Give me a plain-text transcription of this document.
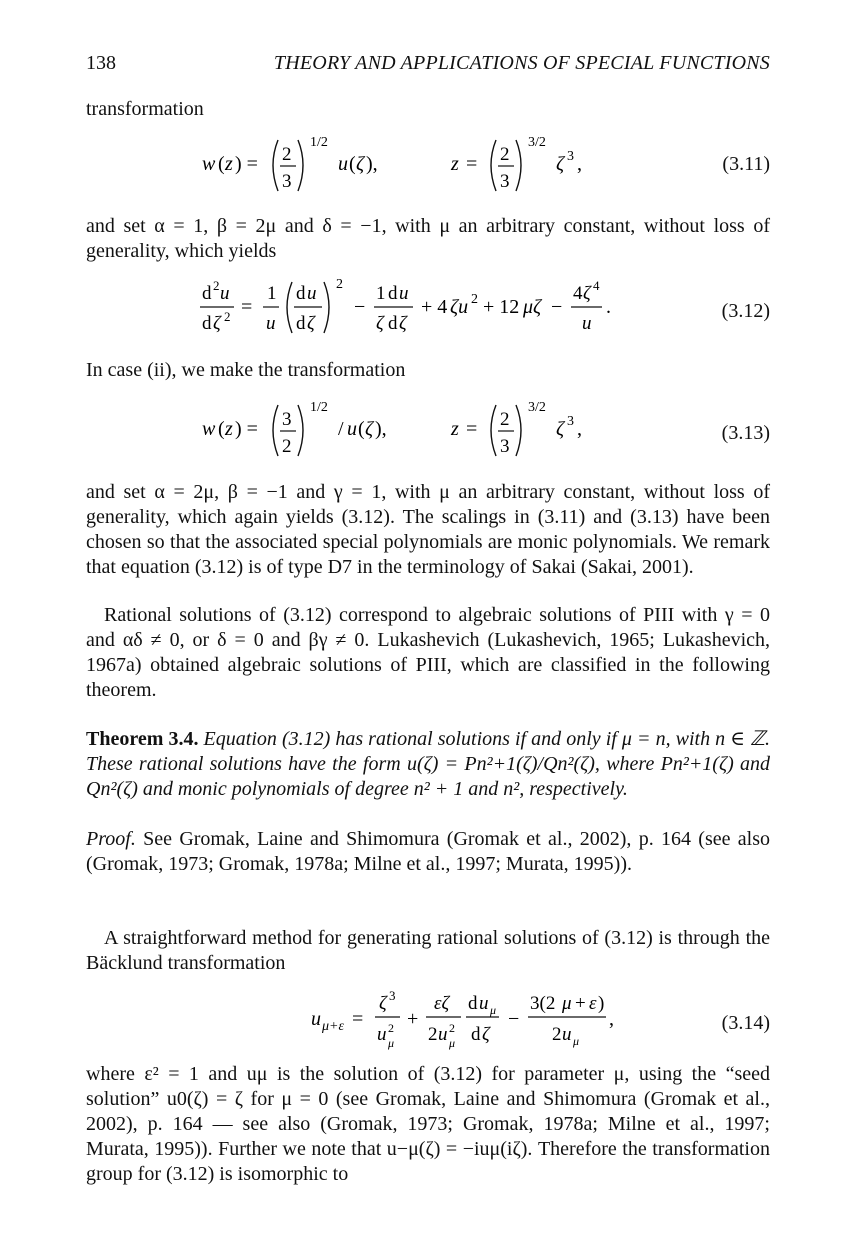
138	THEORY AND APPLICATIONS OF SPECIAL FUNCTIONS

transformation

w ( z ) = 2
3
1/2
u ( ζ ),	z = 2
3
3/2
ζ 3 ,	(3.11)

and set α = 1, β = 2μ and δ = −1, with μ an arbitrary constant, without loss of generality, which yields

d 2 u
d ζ 2 =
1
u
d u
d ζ
2
−
1 d u
ζ d ζ
+ 4 ζu 2 + 12 μζ −
4 ζ 4
u
.	(3.12)

In case (ii), we make the transformation

w ( z ) = 3
2
1/2
/ u ( ζ ),	z = 2
3
3/2
ζ 3 ,	(3.13)

and set α = 2μ, β = −1 and γ = 1, with μ an arbitrary constant, without loss of generality, which again yields (3.12). The scalings in (3.11) and (3.13) have been chosen so that the associated special polynomials are monic polynomials. We remark that equation (3.12) is of type D7 in the terminology of Sakai (Sakai, 2001).

Rational solutions of (3.12) correspond to algebraic solutions of PIII with γ = 0 and αδ ≠ 0, or δ = 0 and βγ ≠ 0. Lukashevich (Lukashevich, 1965; Lukashevich, 1967a) obtained algebraic solutions of PIII, which are classified in the following theorem.

Theorem 3.4. Equation (3.12) has rational solutions if and only if μ = n, with n ∈ ℤ. These rational solutions have the form u(ζ) = Pn²+1(ζ)/Qn²(ζ), where Pn²+1(ζ) and Qn²(ζ) and monic polynomials of degree n² + 1 and n², respectively.

Proof. See Gromak, Laine and Shimomura (Gromak et al., 2002), p. 164 (see also (Gromak, 1973; Gromak, 1978a; Milne et al., 1997; Murata, 1995)).

A straightforward method for generating rational solutions of (3.12) is through the Bäcklund transformation

u μ+ε =
ζ 3
u 2
μ
+
εζ
2 u 2
μ
d u μ
d ζ
−
3(2 μ + ε )
2 u μ
,	(3.14)

where ε² = 1 and uμ is the solution of (3.12) for parameter μ, using the “seed solution” u0(ζ) = ζ for μ = 0 (see Gromak, Laine and Shimomura (Gromak et al., 2002), p. 164 — see also (Gromak, 1973; Gromak, 1978a; Milne et al., 1997; Murata, 1995)). Further we note that u−μ(ζ) = −iuμ(iζ). Therefore the transformation group for (3.12) is isomorphic to
